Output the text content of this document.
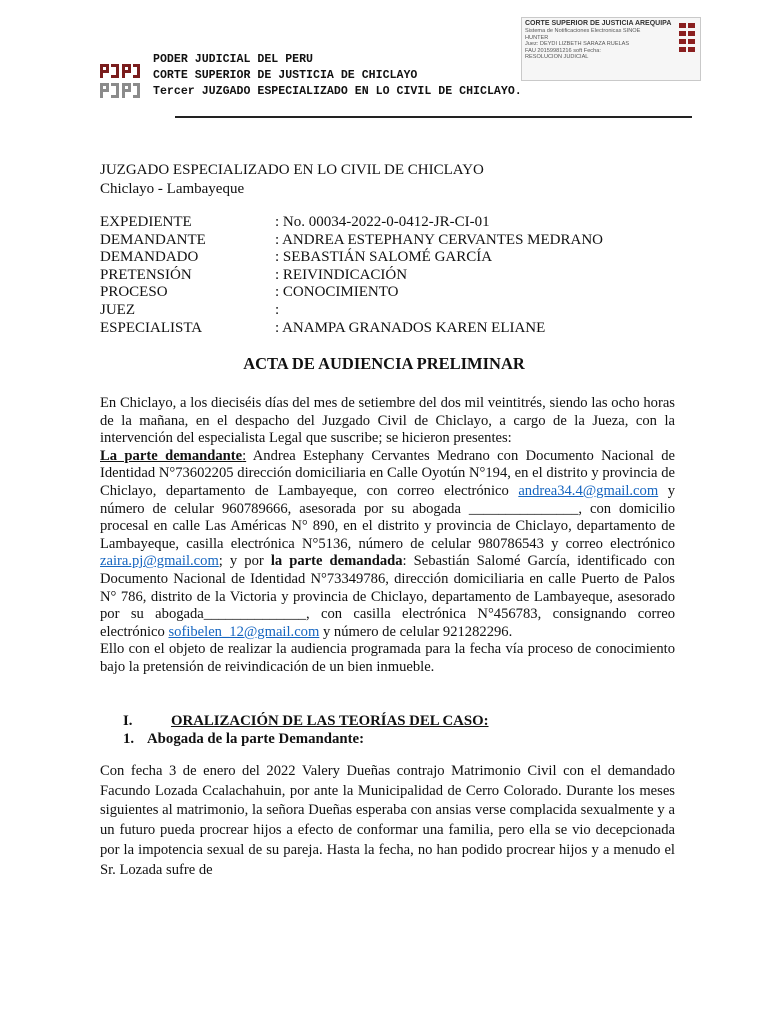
PODER JUDICIAL DEL PERU
CORTE SUPERIOR DE JUSTICIA DE CHICLAYO
Tercer JUZGADO ESPECIALIZADO EN LO CIVIL DE CHICLAYO.
CORTE SUPERIOR DE JUSTICIA AREQUIPA
Sistema de Notificaciones Electronicas SINOE
HUNTER
Juez: DEYDI LIZBETH SARAZA RUELAS
FAU 20159981216 soft Fecha:
RESOLUCION JUDICIAL
JUZGADO ESPECIALIZADO EN LO CIVIL DE CHICLAYO
Chiclayo - Lambayeque
EXPEDIENTE	: No. 00034-2022-0-0412-JR-CI-01
DEMANDANTE	: ANDREA ESTEPHANY CERVANTES MEDRANO
DEMANDADO	: SEBASTIÁN SALOMÉ GARCÍA
PRETENSIÓN	: REIVINDICACIÓN
PROCESO	: CONOCIMIENTO
JUEZ	:
ESPECIALISTA	: ANAMPA GRANADOS KAREN ELIANE
ACTA DE AUDIENCIA PRELIMINAR

En Chiclayo, a los dieciséis días del mes de setiembre del dos mil veintitrés, siendo las ocho horas de la mañana, en el despacho del Juzgado Civil de Chiclayo, a cargo de la Jueza, con la intervención del especialista Legal que suscribe; se hicieron presentes:
La parte demandante: Andrea Estephany Cervantes Medrano con Documento Nacional de Identidad N°73602205 dirección domiciliaria en Calle Oyotún N°194, en el distrito y provincia de Chiclayo, departamento de Lambayeque, con correo electrónico andrea34.4@gmail.com y número de celular 960789666, asesorada por su abogada _______________, con domicilio procesal en calle Las Américas N° 890, en el distrito y provincia de Chiclayo, departamento de Lambayeque, casilla electrónica N°5136, número de celular 980786543 y correo electrónico zaira.pj@gmail.com; y por la parte demandada: Sebastián Salomé García, identificado con Documento Nacional de Identidad N°73349786, dirección domiciliaria en calle Puerto de Palos N° 786, distrito de la Victoria y provincia de Chiclayo, departamento de Lambayeque, asesorado por su abogada______________, con casilla electrónica N°456783, consignando correo electrónico sofibelen_12@gmail.com y número de celular 921282296.
Ello con el objeto de realizar la audiencia programada para la fecha vía proceso de conocimiento bajo la pretensión de reivindicación de un bien inmueble.

I.	ORALIZACIÓN DE LAS TEORÍAS DEL CASO:
1. Abogada de la parte Demandante:

Con fecha 3 de enero del 2022 Valery Dueñas contrajo Matrimonio Civil con el demandado Facundo Lozada Ccalachahuin, por ante la Municipalidad de Cerro Colorado. Durante los meses siguientes al matrimonio, la señora Dueñas esperaba con ansias verse complacida sexualmente y a un futuro pueda procrear hijos a efecto de conformar una familia, pero ella se vio decepcionada por la impotencia sexual de su pareja. Hasta la fecha, no han podido procrear hijos y a menudo el Sr. Lozada sufre de
